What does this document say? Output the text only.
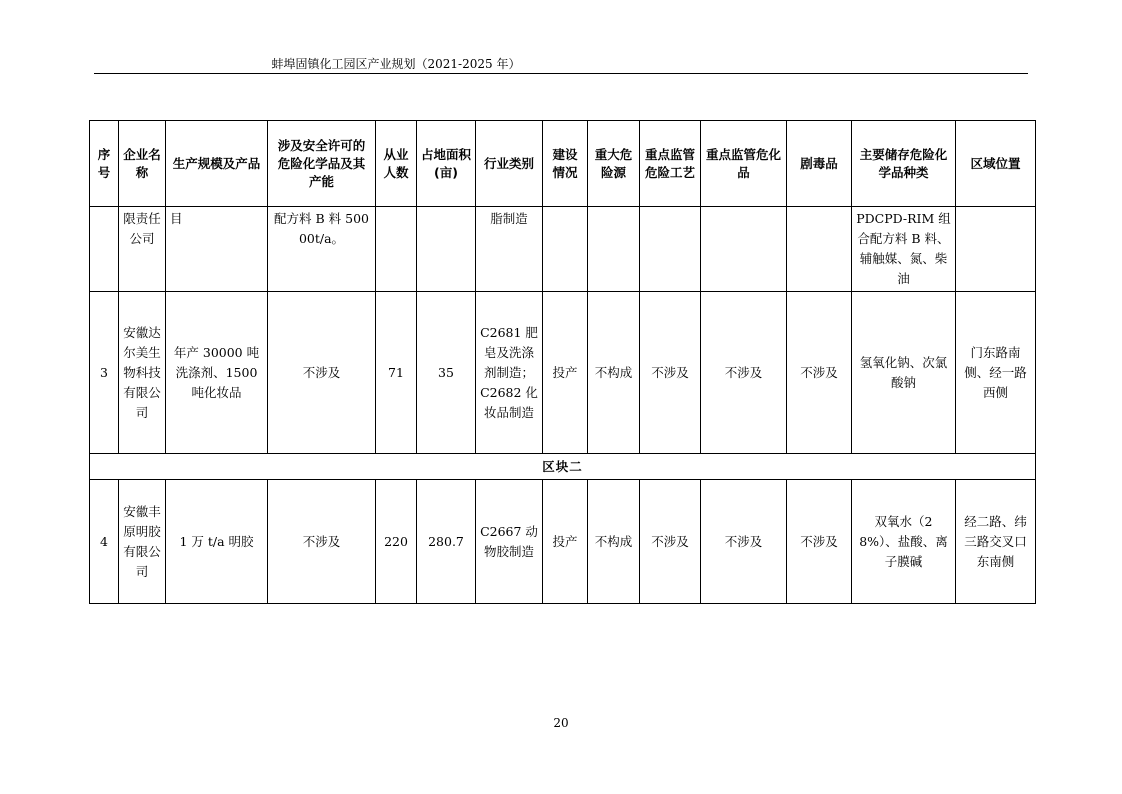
蚌埠固镇化工园区产业规划（2021-2025 年）
序号	企业名称	生产规模及产品	涉及安全许可的危险化学品及其产能	从业人数	占地面积(亩)	行业类别	建设情况	重大危险源	重点监管危险工艺	重点监管危化品	剧毒品	主要储存危险化学品种类	区域位置
	限责任公司	目	配方料 B 料 50000t/a。			脂制造						PDCPD-RIM 组合配方料 B 料、辅触媒、氮、柴油	
3	安徽达尔美生物科技有限公司	年产 30000 吨洗涤剂、1500 吨化妆品	不涉及	71	35	C2681 肥皂及洗涤剂制造；C2682 化妆品制造	投产	不构成	不涉及	不涉及	不涉及	氢氧化钠、次氯酸钠	门东路南侧、经一路西侧
区块二													
4	安徽丰原明胶有限公司	1 万 t/a 明胶	不涉及	220	280.7	C2667 动物胶制造	投产	不构成	不涉及	不涉及	不涉及	双氧水（28%）、盐酸、离子膜碱	经二路、纬三路交叉口东南侧
20
